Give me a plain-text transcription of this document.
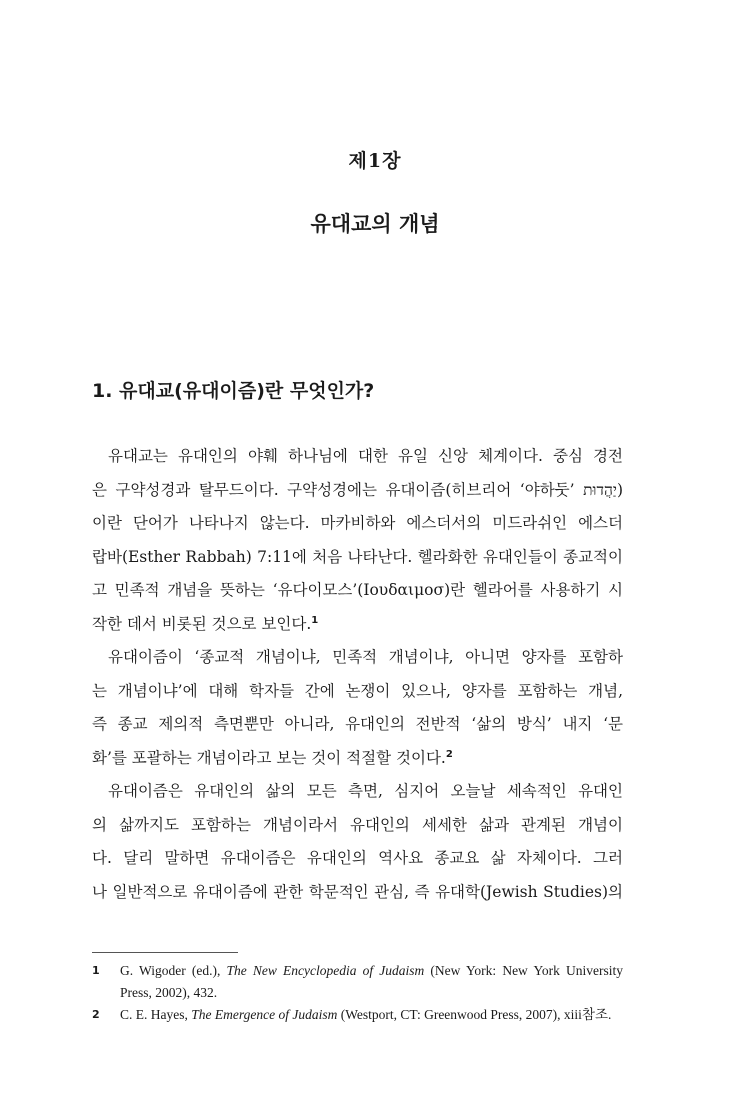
제1장
유대교의 개념
1. 유대교(유대이즘)란 무엇인가?

유대교는 유대인의 야훼 하나님에 대한 유일 신앙 체계이다. 중심 경전
은 구약성경과 탈무드이다. 구약성경에는 유대이즘(히브리어 ‘야하둣’ יַהֲדוּת)
이란 단어가 나타나지 않는다. 마카비하와 에스더서의 미드라쉬인 에스더
랍바(Esther Rabbah) 7:11에 처음 나타난다. 헬라화한 유대인들이 종교적이
고 민족적 개념을 뜻하는 ‘유다이모스’(Ιουδαιμοσ)란 헬라어를 사용하기 시
작한 데서 비롯된 것으로 보인다.$^1$

유대이즘이 ‘종교적 개념이냐, 민족적 개념이냐, 아니면 양자를 포함하
는 개념이냐’에 대해 학자들 간에 논쟁이 있으나, 양자를 포함하는 개념,
즉 종교 제의적 측면뿐만 아니라, 유대인의 전반적 ‘삶의 방식’ 내지 ‘문
화’를 포괄하는 개념이라고 보는 것이 적절할 것이다.$^2$

유대이즘은 유대인의 삶의 모든 측면, 심지어 오늘날 세속적인 유대인
의 삶까지도 포함하는 개념이라서 유대인의 세세한 삶과 관계된 개념이
다. 달리 말하면 유대이즘은 유대인의 역사요 종교요 삶 자체이다. 그러
나 일반적으로 유대이즘에 관한 학문적인 관심, 즉 유대학(Jewish Studies)의

1 G. Wigoder (ed.), The New Encyclopedia of Judaism (New York: New York University
Press, 2002), 432.
2 C. E. Hayes, The Emergence of Judaism (Westport, CT: Greenwood Press, 2007), xiii참조.
